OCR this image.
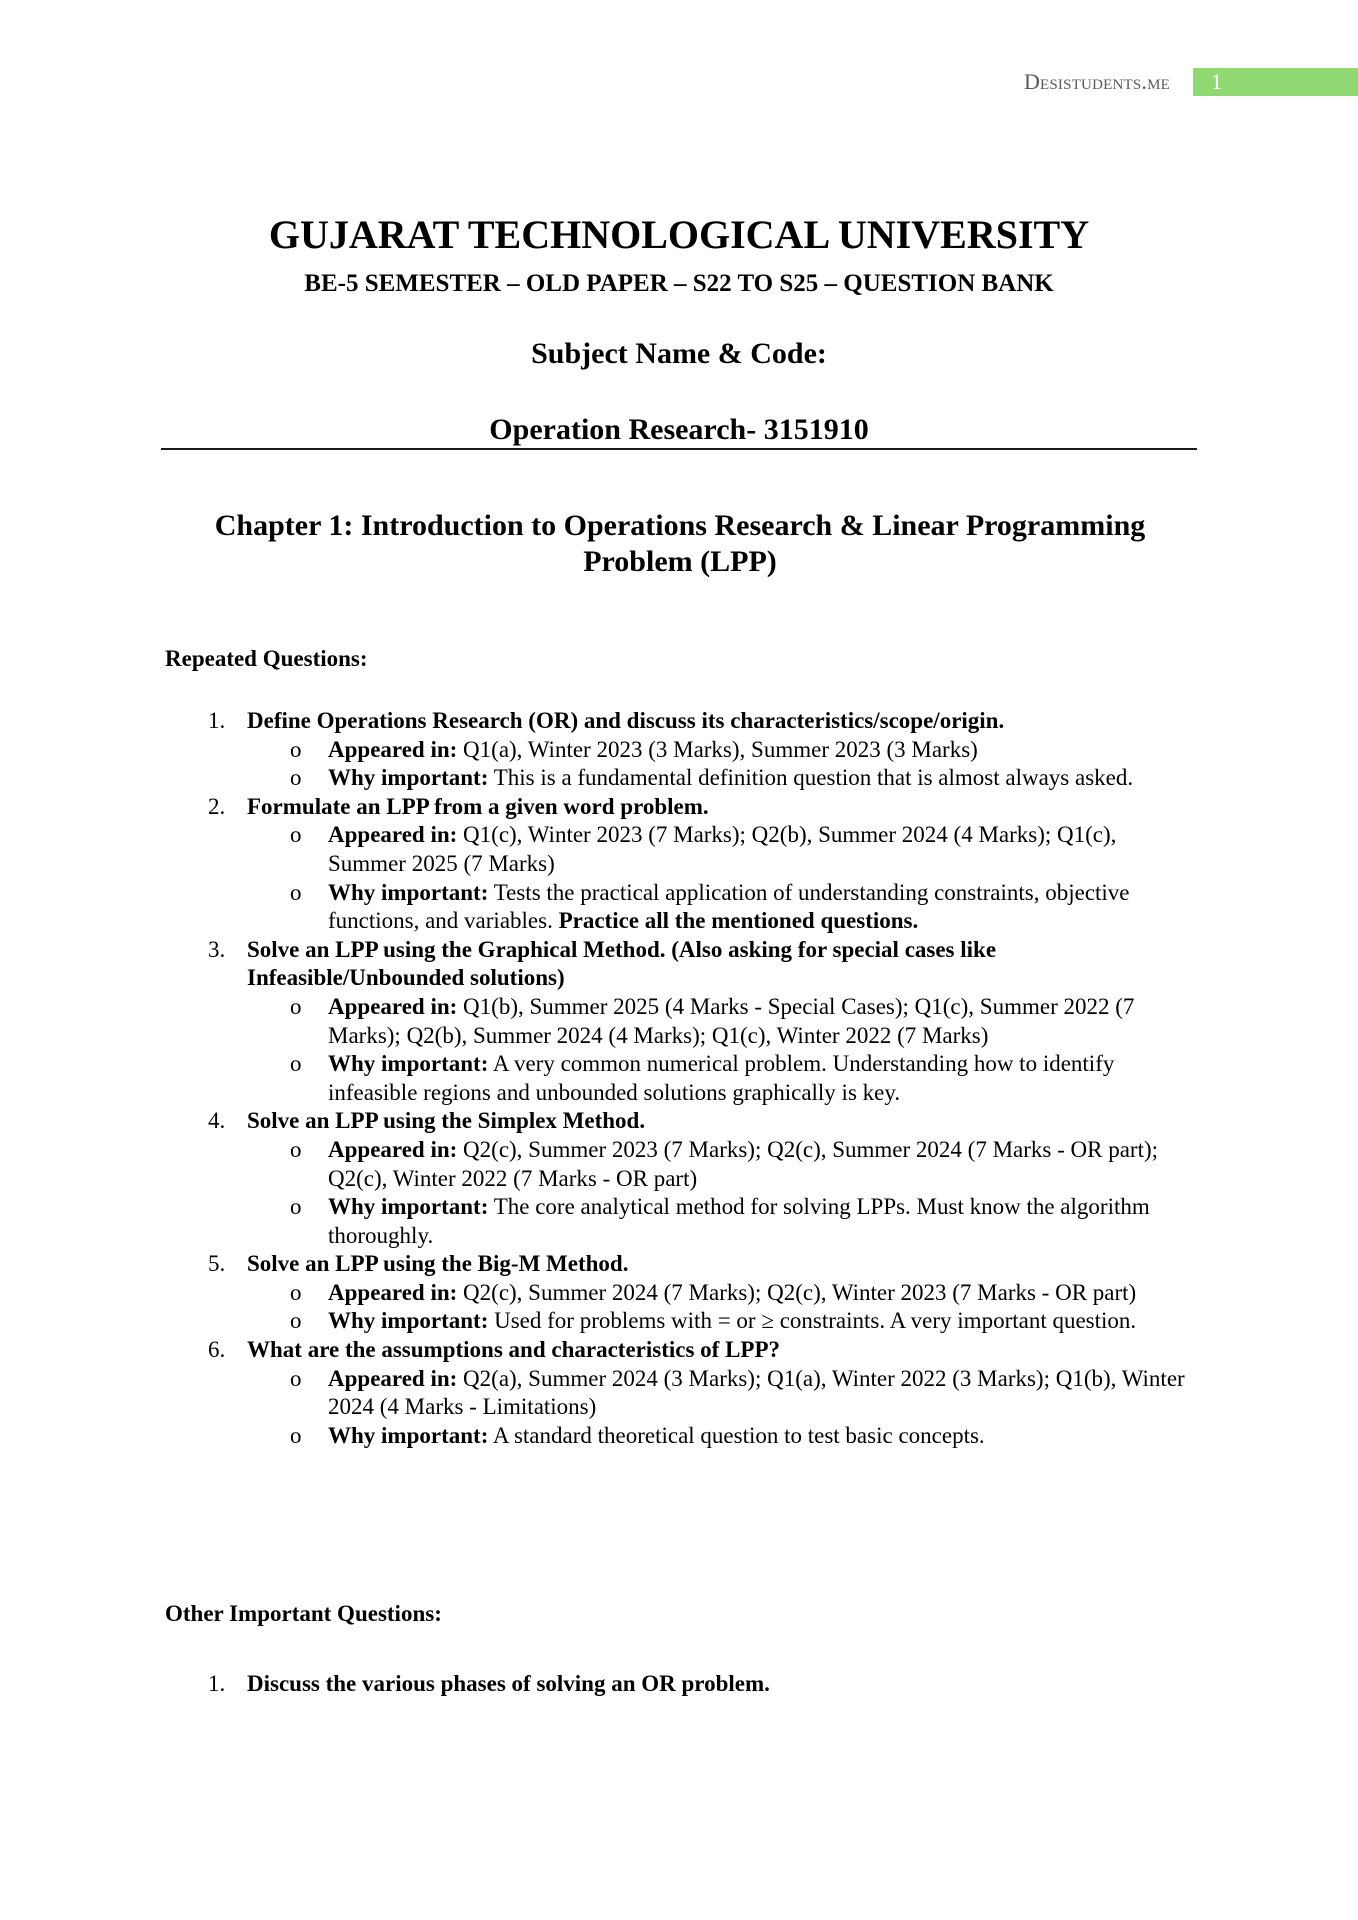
Desistudents.me 1
GUJARAT TECHNOLOGICAL UNIVERSITY
BE-5 SEMESTER – OLD PAPER – S22 TO S25 – QUESTION BANK
Subject Name & Code:
Operation Research- 3151910
Chapter 1: Introduction to Operations Research & Linear Programming Problem (LPP)
Repeated Questions:
1. Define Operations Research (OR) and discuss its characteristics/scope/origin.
o Appeared in: Q1(a), Winter 2023 (3 Marks), Summer 2023 (3 Marks)
o Why important: This is a fundamental definition question that is almost always asked.
2. Formulate an LPP from a given word problem.
o Appeared in: Q1(c), Winter 2023 (7 Marks); Q2(b), Summer 2024 (4 Marks); Q1(c), Summer 2025 (7 Marks)
o Why important: Tests the practical application of understanding constraints, objective functions, and variables. Practice all the mentioned questions.
3. Solve an LPP using the Graphical Method. (Also asking for special cases like Infeasible/Unbounded solutions)
o Appeared in: Q1(b), Summer 2025 (4 Marks - Special Cases); Q1(c), Summer 2022 (7 Marks); Q2(b), Summer 2024 (4 Marks); Q1(c), Winter 2022 (7 Marks)
o Why important: A very common numerical problem. Understanding how to identify infeasible regions and unbounded solutions graphically is key.
4. Solve an LPP using the Simplex Method.
o Appeared in: Q2(c), Summer 2023 (7 Marks); Q2(c), Summer 2024 (7 Marks - OR part); Q2(c), Winter 2022 (7 Marks - OR part)
o Why important: The core analytical method for solving LPPs. Must know the algorithm thoroughly.
5. Solve an LPP using the Big-M Method.
o Appeared in: Q2(c), Summer 2024 (7 Marks); Q2(c), Winter 2023 (7 Marks - OR part)
o Why important: Used for problems with = or ≥ constraints. A very important question.
6. What are the assumptions and characteristics of LPP?
o Appeared in: Q2(a), Summer 2024 (3 Marks); Q1(a), Winter 2022 (3 Marks); Q1(b), Winter 2024 (4 Marks - Limitations)
o Why important: A standard theoretical question to test basic concepts.
Other Important Questions:
1. Discuss the various phases of solving an OR problem.
